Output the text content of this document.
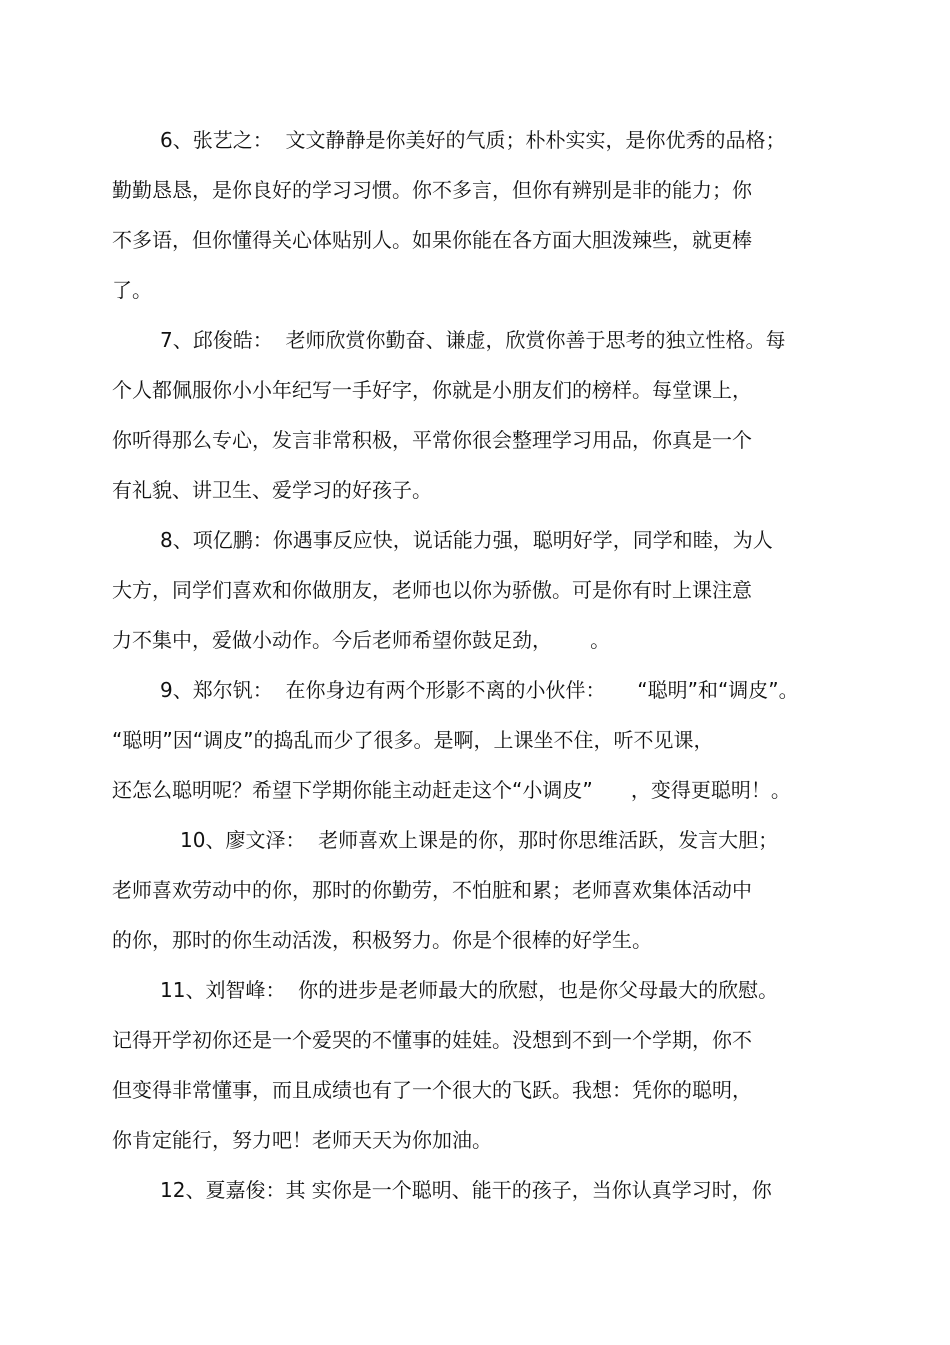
6、张艺之：  文文静静是你美好的气质；朴朴实实，是你优秀的品格；
勤勤恳恳，是你良好的学习习惯。你不多言，但你有辨别是非的能力；你
不多语，但你懂得关心体贴别人。如果你能在各方面大胆泼辣些，就更棒
了。
7、邱俊皓：  老师欣赏你勤奋、谦虚，欣赏你善于思考的独立性格。每
个人都佩服你小小年纪写一手好字，你就是小朋友们的榜样。每堂课上，
你听得那么专心，发言非常积极，平常你很会整理学习用品，你真是一个
有礼貌、讲卫生、爱学习的好孩子。
8、项亿鹏：你遇事反应快，说话能力强，聪明好学，同学和睦，为人
大方，同学们喜欢和你做朋友，老师也以你为骄傲。可是你有时上课注意
力不集中，爱做小动作。今后老师希望你鼓足劲，      。
9、郑尔钒：  在你身边有两个形影不离的小伙伴：     “聪明”和“调皮”。
“聪明”因“调皮”的捣乱而少了很多。是啊，上课坐不住，听不见课，
还怎么聪明呢？希望下学期你能主动赶走这个“小调皮”      ，变得更聪明！。
10、廖文泽：  老师喜欢上课是的你，那时你思维活跃，发言大胆；
老师喜欢劳动中的你，那时的你勤劳，不怕脏和累；老师喜欢集体活动中
的你，那时的你生动活泼，积极努力。你是个很棒的好学生。
11、刘智峰：  你的进步是老师最大的欣慰，也是你父母最大的欣慰。
记得开学初你还是一个爱哭的不懂事的娃娃。没想到不到一个学期，你不
但变得非常懂事，而且成绩也有了一个很大的飞跃。我想：凭你的聪明，
你肯定能行，努力吧！老师天天为你加油。
12、夏嘉俊：其 实你是一个聪明、能干的孩子，当你认真学习时，你
